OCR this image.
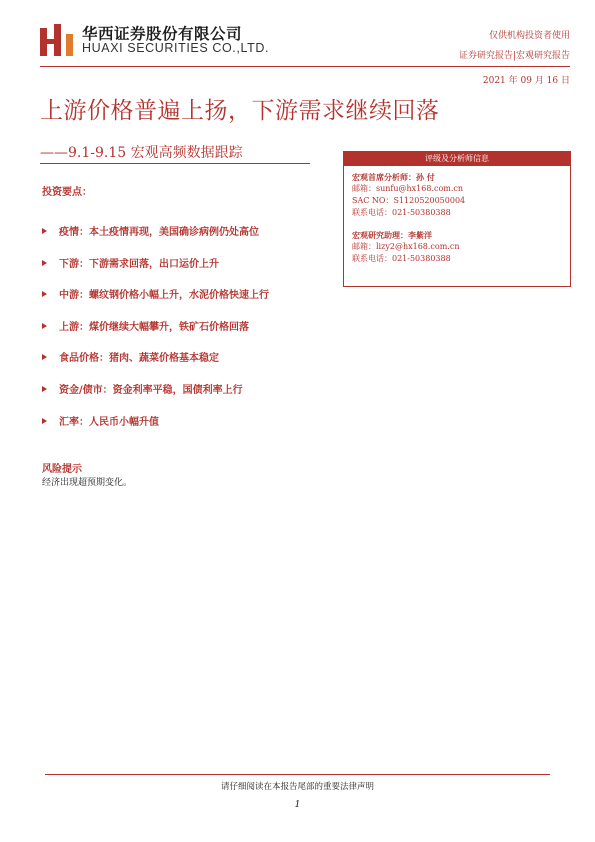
华西证券股份有限公司
HUAXI SECURITIES CO.,LTD.
仅供机构投资者使用
证券研究报告|宏观研究报告
2021 年 09 月 16 日
上游价格普遍上扬，下游需求继续回落
——9.1-9.15 宏观高频数据跟踪	评级及分析师信息
宏观首席分析师：孙 付
邮箱：sunfu@hx168.com.cn
SAC NO：S1120520050004
联系电话：021-50380388
宏观研究助理：李紫洋
邮箱：lizy2@hx168.com.cn
联系电话：021-50380388
投资要点：
疫情：本土疫情再现，美国确诊病例仍处高位
下游：下游需求回落，出口运价上升
中游：螺纹钢价格小幅上升，水泥价格快速上行
上游：煤价继续大幅攀升，铁矿石价格回落
食品价格：猪肉、蔬菜价格基本稳定
资金/债市：资金利率平稳，国债利率上行
汇率：人民币小幅升值
风险提示
经济出现超预期变化。
请仔细阅读在本报告尾部的重要法律声明
1
